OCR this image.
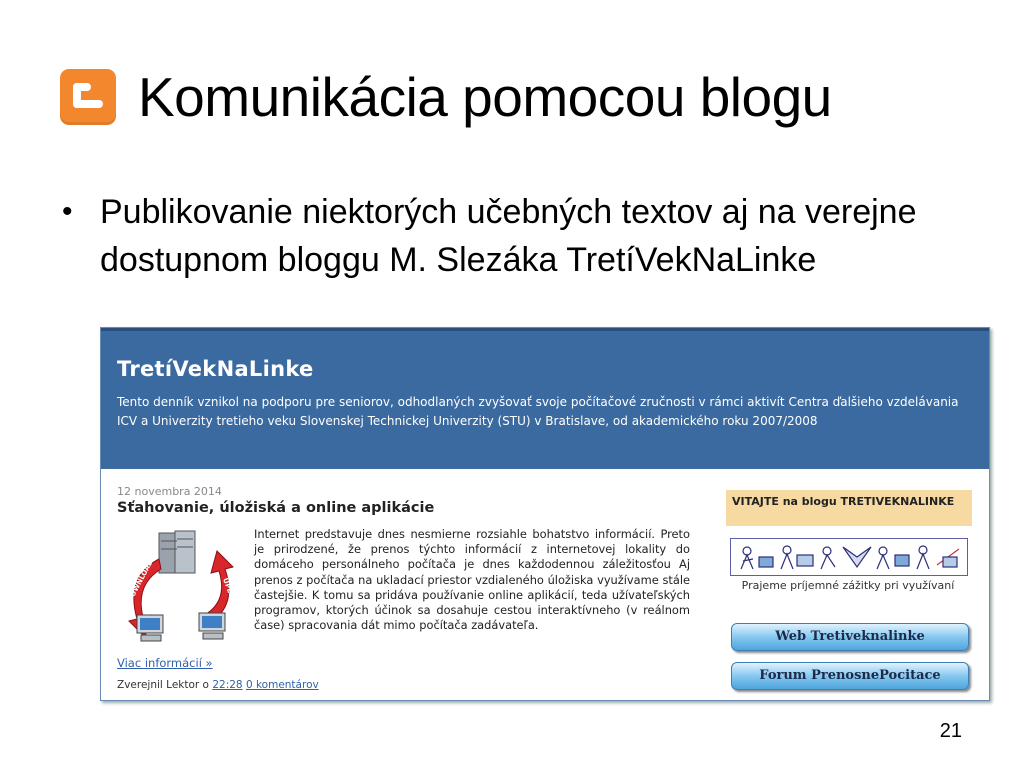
Komunikácia pomocou blogu
• Publikovanie niektorých učebných textov aj na verejne dostupnom bloggu M. Slezáka TretíVekNaLinke
TretíVekNaLinke
Tento denník vznikol na podporu pre seniorov, odhodlaných zvyšovať svoje počítačové zručnosti v rámci aktivít Centra ďalšieho vzdelávania ICV a Univerzity tretieho veku Slovenskej Technickej Univerzity (STU) v Bratislave, od akademického roku 2007/2008
12 novembra 2014
Sťahovanie, úložiská a online aplikácie
DOWNLOAD	UPLOAD
Internet predstavuje dnes nesmierne rozsiahle bohatstvo informácií. Preto je prirodzené, že prenos týchto informácií z internetovej lokality do domáceho personálneho počítača je dnes každodennou záležitosťou Aj prenos z počítača na ukladací priestor vzdialeného úložiska využívame stále častejšie. K tomu sa pridáva používanie online aplikácií, teda užívateľských programov, ktorých účinok sa dosahuje cestou interaktívneho (v reálnom čase) spracovania dát mimo počítača zadávateľa.
Viac informácií »
Zverejnil Lektor o 22:28 0 komentárov
VITAJTE na blogu TRETIVEKNALINKE
Prajeme príjemné zážitky pri využívaní
Web Tretiveknalinke
Forum PrenosnePocitace
21
